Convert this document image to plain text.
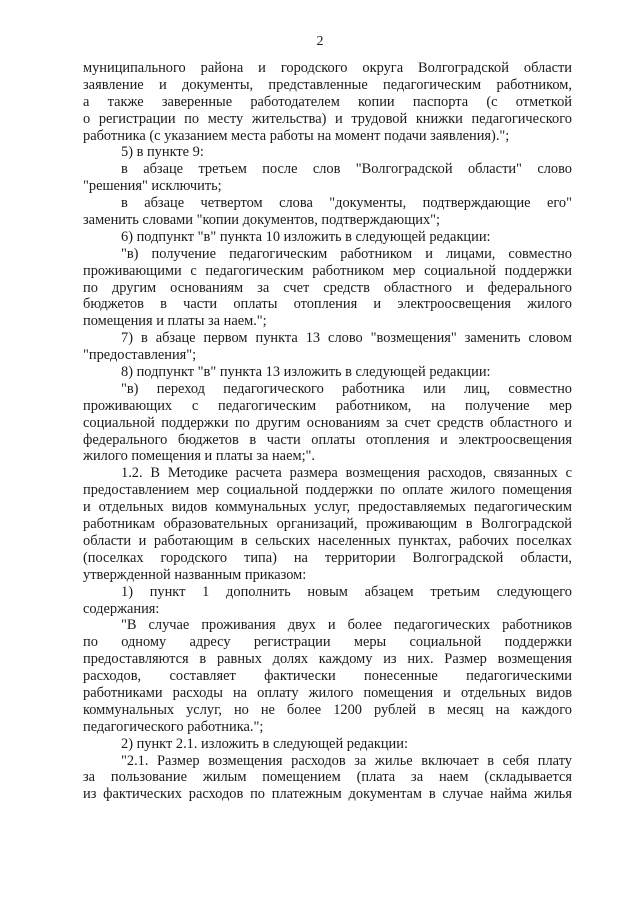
2
муниципального района и городского округа Волгоградской области
заявление и документы, представленные педагогическим работником,
а также заверенные работодателем копии паспорта (с отметкой
о регистрации по месту жительства) и трудовой книжки педагогического
работника (с указанием места работы на момент подачи заявления).";
5) в пункте 9:
в абзаце третьем после слов "Волгоградской области" слово
"решения" исключить;
в абзаце четвертом слова "документы, подтверждающие его"
заменить словами "копии документов, подтверждающих";
6) подпункт "в" пункта 10 изложить в следующей редакции:
"в) получение педагогическим работником и лицами, совместно
проживающими с педагогическим работником мер социальной поддержки
по другим основаниям за счет средств областного и федерального
бюджетов в части оплаты отопления и электроосвещения жилого
помещения и платы за наем.";
7) в абзаце первом пункта 13 слово "возмещения" заменить словом
"предоставления";
8) подпункт "в" пункта 13 изложить в следующей редакции:
"в) переход педагогического работника или лиц, совместно
проживающих с педагогическим работником, на получение мер
социальной поддержки по другим основаниям за счет средств областного и
федерального бюджетов в части оплаты отопления и электроосвещения
жилого помещения и платы за наем;".
1.2. В Методике расчета размера возмещения расходов, связанных с
предоставлением мер социальной поддержки по оплате жилого помещения
и отдельных видов коммунальных услуг, предоставляемых педагогическим
работникам образовательных организаций, проживающим в Волгоградской
области и работающим в сельских населенных пунктах, рабочих поселках
(поселках городского типа) на территории Волгоградской области,
утвержденной названным приказом:
1) пункт 1 дополнить новым абзацем третьим следующего
содержания:
"В случае проживания двух и более педагогических работников
по одному адресу регистрации меры социальной поддержки
предоставляются в равных долях каждому из них. Размер возмещения
расходов, составляет фактически понесенные педагогическими
работниками расходы на оплату жилого помещения и отдельных видов
коммунальных услуг, но не более 1200 рублей в месяц на каждого
педагогического работника.";
2) пункт 2.1. изложить в следующей редакции:
"2.1. Размер возмещения расходов за жилье включает в себя плату
за пользование жилым помещением (плата за наем (складывается
из фактических расходов по платежным документам в случае найма жилья
